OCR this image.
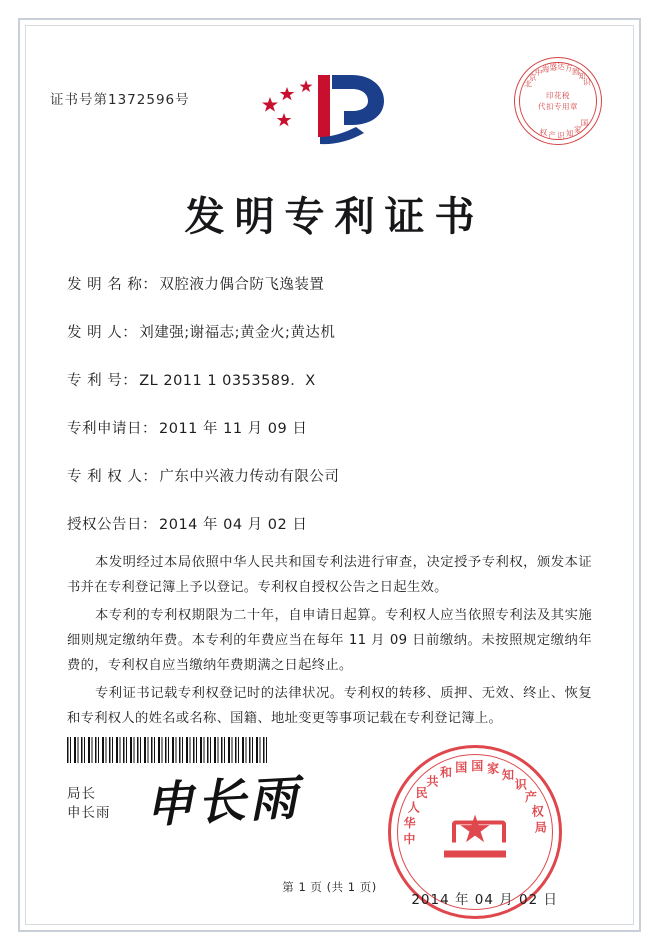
证书号第1372596号	印花税
代扣专用章
北
京
中 海 盛 达 方 圆
知
识
国
家
知
识
产
权
发明专利证书
发 明 名 称： 双腔液力偶合防飞逸装置
发 明 人： 刘建强;谢福志;黄金火;黄达机
专 利 号： ZL 2011 1 0353589．X
专利申请日： 2011 年 11 月 09 日
专 利 权 人： 广东中兴液力传动有限公司
授权公告日： 2014 年 04 月 02 日

本发明经过本局依照中华人民共和国专利法进行审查，决定授予专利权，颁发本证书并在专利登记簿上予以登记。专利权自授权公告之日起生效。

本专利的专利权期限为二十年，自申请日起算。专利权人应当依照专利法及其实施细则规定缴纳年费。本专利的年费应当在每年 11 月 09 日前缴纳。未按照规定缴纳年费的，专利权自应当缴纳年费期满之日起终止。

专利证书记载专利权登记时的法律状况。专利权的转移、质押、无效、终止、恢复和专利权人的姓名或名称、国籍、地址变更等事项记载在专利登记簿上。

局长
申长雨 申长雨	★
中
华
人
民
共
和 国 国 家 知
识
产
权
局
2014 年 04 月 02 日
第 1 页 (共 1 页)
